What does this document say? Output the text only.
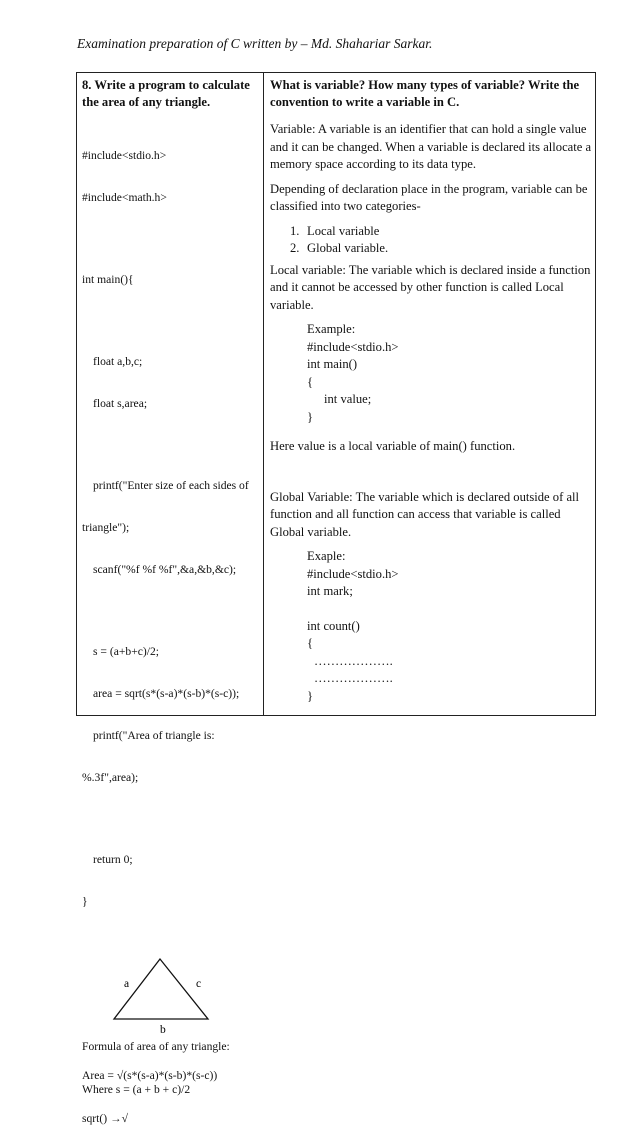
Examination preparation of C written by – Md. Shahariar Sarkar.
8. Write a program to calculate the area of any triangle.

#include<stdio.h>

#include<math.h>

int main(){

float a,b,c;

float s,area;

printf("Enter size of each sides of

triangle");

scanf("%f %f %f",&a,&b,&c);

s = (a+b+c)/2;

area = sqrt(s*(s-a)*(s-b)*(s-c));

printf("Area of triangle is:

%.3f",area);

return 0;

}

a	c
b
Formula of area of any triangle:
Area = √(s*(s-a)*(s-b)*(s-c))
Where s = (a + b + c)/2
sqrt() →√
What is variable? How many types of variable? Write the convention to write a variable in C.
Variable: A variable is an identifier that can hold a single value and it can be changed. When a variable is declared its allocate a memory space according to its data type.
Depending of declaration place in the program, variable can be classified into two categories-
1. Local variable
2. Global variable.
Local variable: The variable which is declared inside a function and it cannot be accessed by other function is called Local variable.
Example:
#include<stdio.h>
int main()
{
int value;
}
Here value is a local variable of main() function.
Global Variable: The variable which is declared outside of all function and all function can access that variable is called Global variable.
Exaple:
#include<stdio.h>
int mark;
int count()
{
……………….
……………….
}
